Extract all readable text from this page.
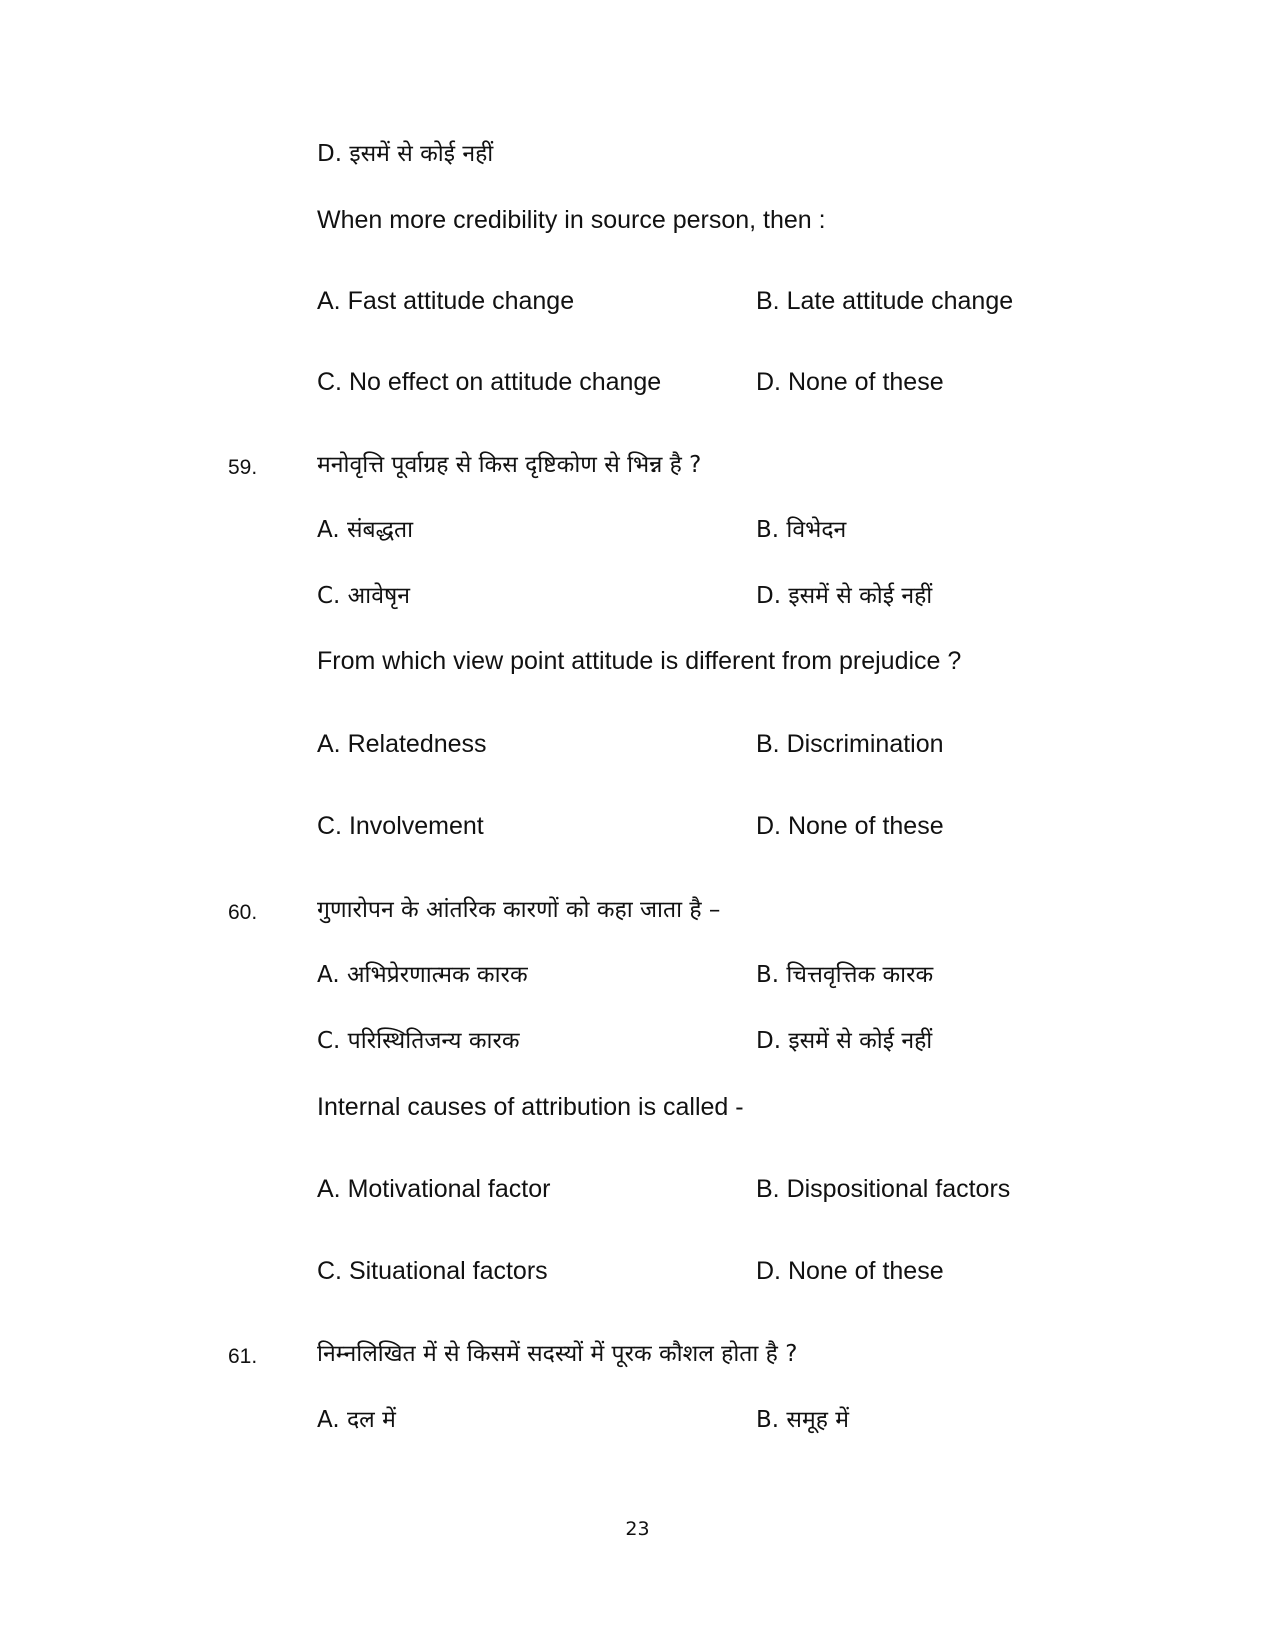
D. इसमें से कोई नहीं
When more credibility in source person, then :
A. Fast attitude change	B. Late attitude change
C. No effect on attitude change	D. None of these
59.	मनोवृत्ति पूर्वाग्रह से किस दृष्टिकोण से भिन्न है ?
A. संबद्धता	B. विभेदन
C. आवेषृन	D. इसमें से कोई नहीं
From which view point attitude is different from prejudice ?
A. Relatedness	B. Discrimination
C. Involvement	D. None of these
60.	गुणारोपन के आंतरिक कारणों को कहा जाता है –
A. अभिप्रेरणात्मक कारक	B. चित्तवृत्तिक कारक
C. परिस्थितिजन्य कारक	D. इसमें से कोई नहीं
Internal causes of attribution is called -
A. Motivational factor	B. Dispositional factors
C. Situational factors	D. None of these
61.	निम्नलिखित में से किसमें सदस्यों में पूरक कौशल होता है ?
A. दल में	B. समूह में
23
